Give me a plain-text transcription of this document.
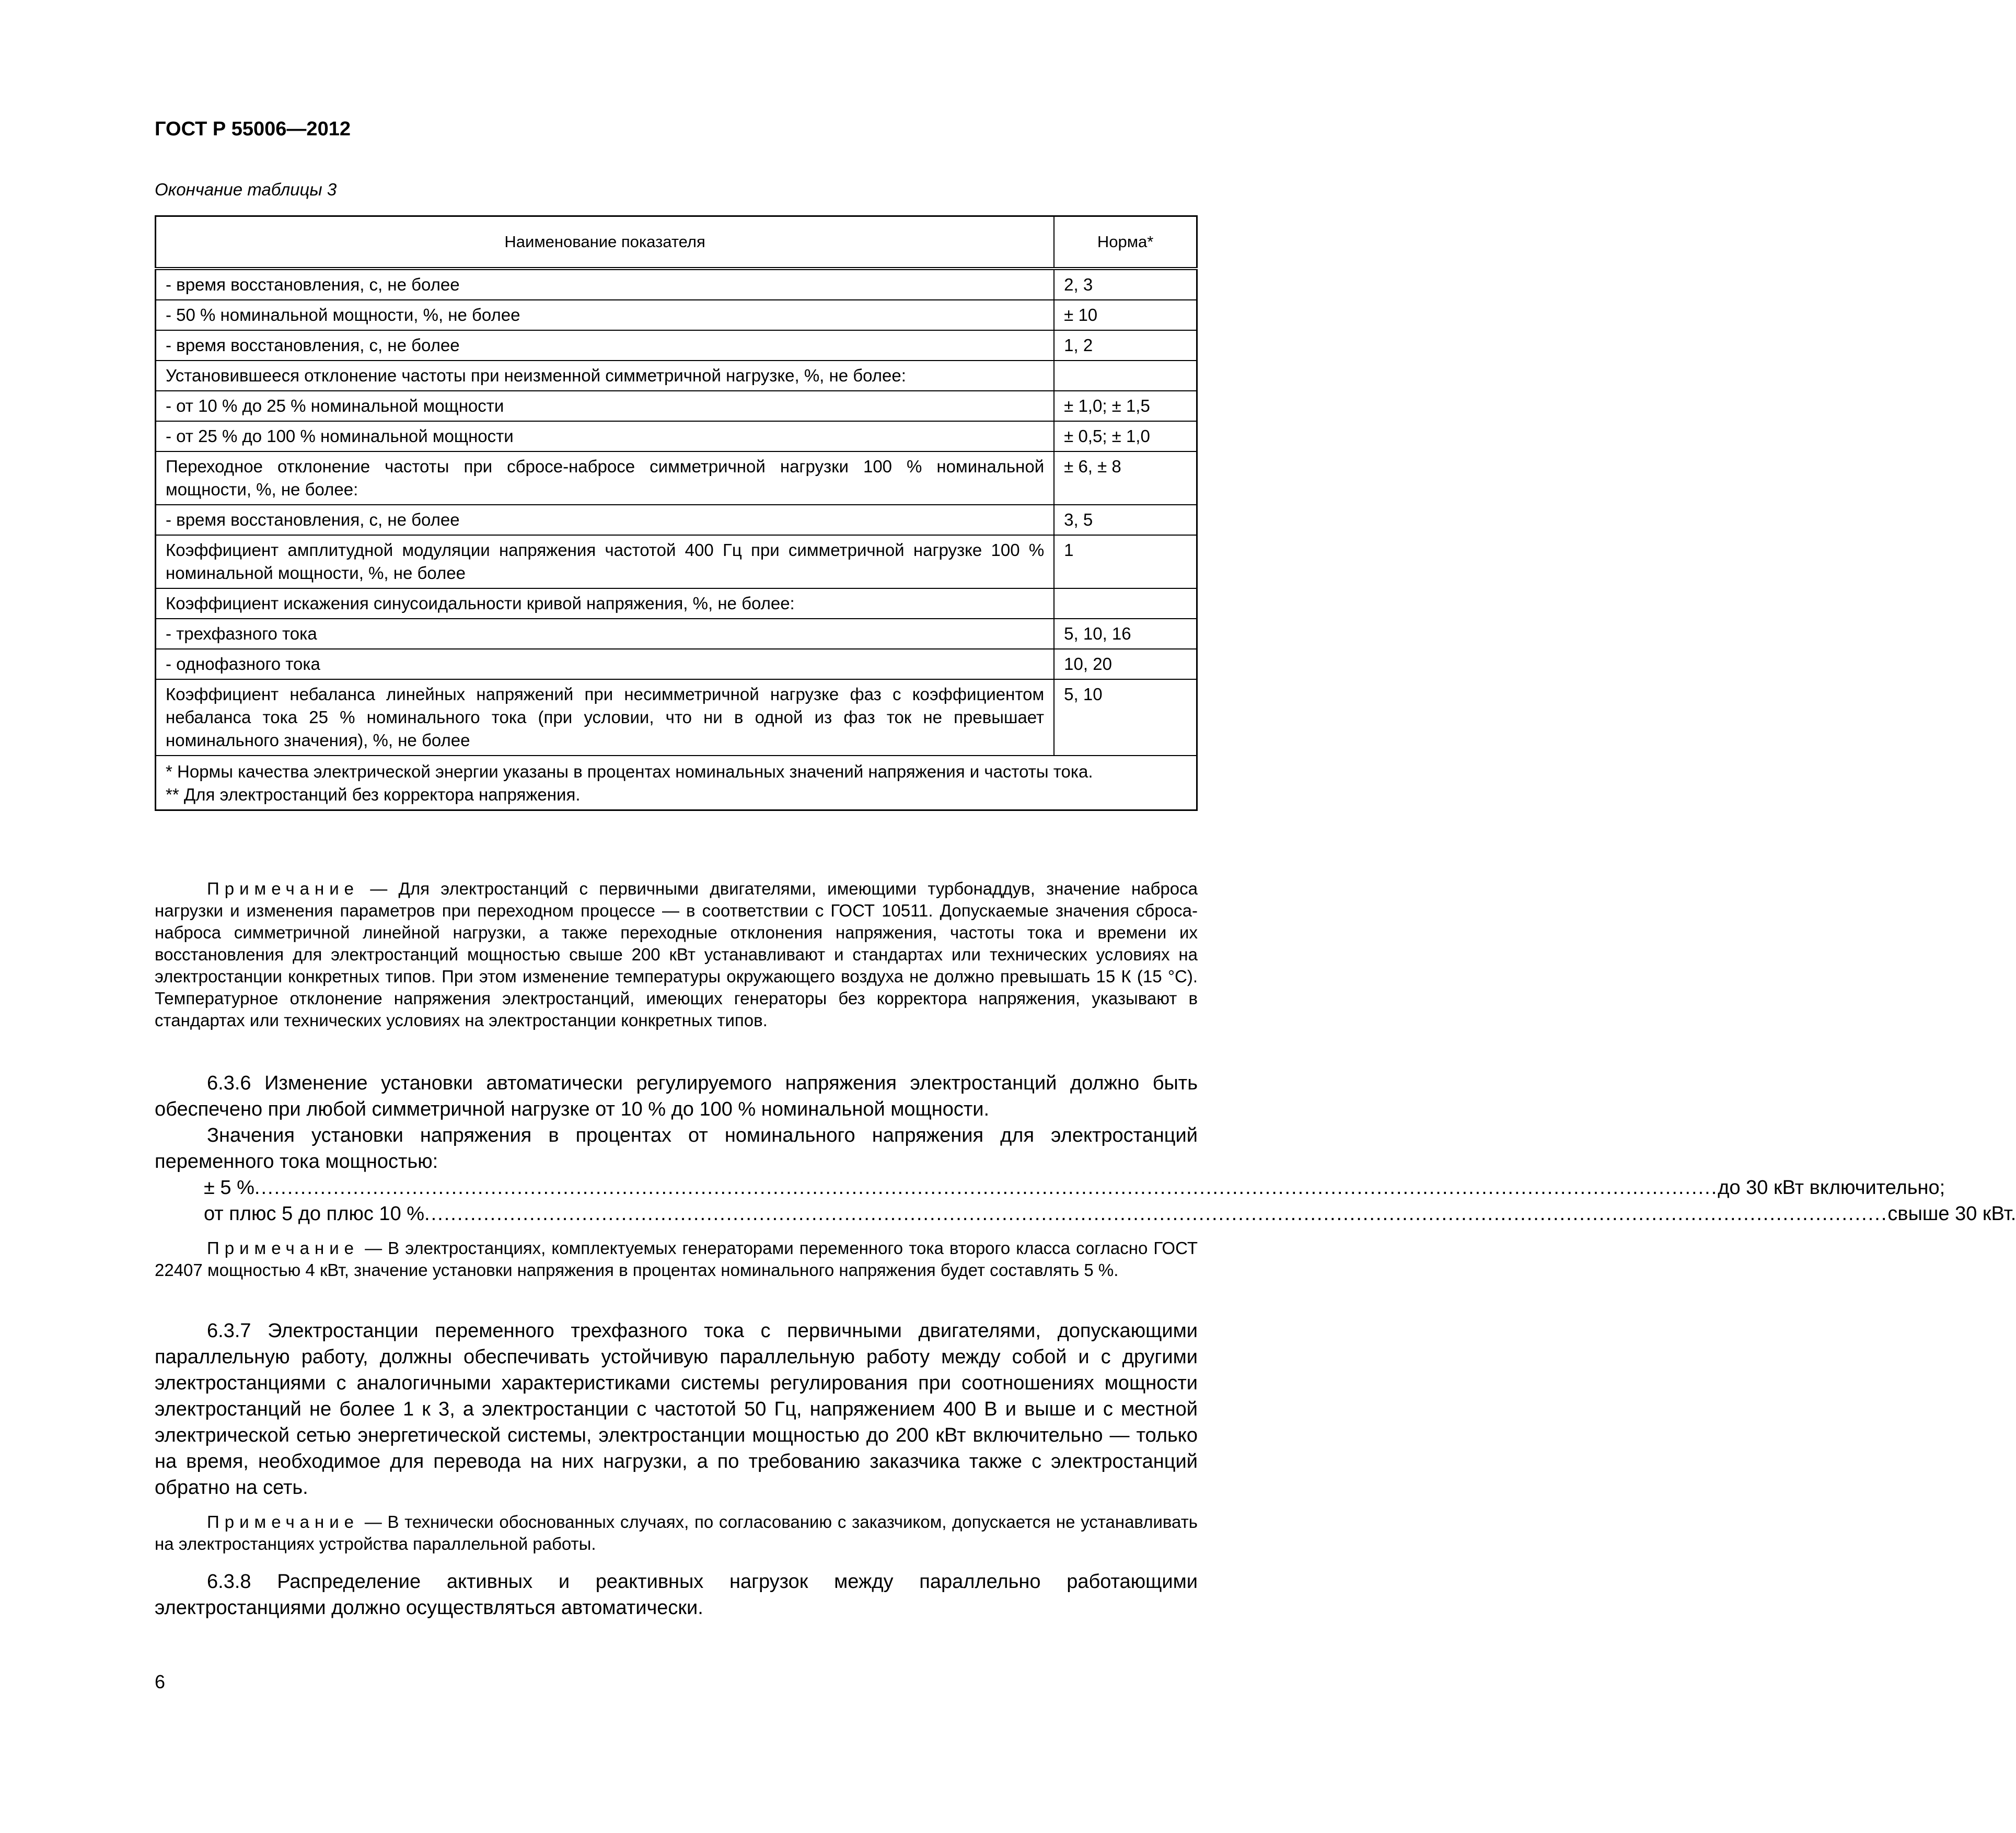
ГОСТ Р 55006—2012
Окончание таблицы 3
Наименование показателя	Норма*
- время восстановления, с, не более	2, 3
- 50 % номинальной мощности, %, не более	± 10
- время восстановления, с, не более	1, 2
Установившееся отклонение частоты при неизменной симметричной нагрузке, %, не более:	
- от 10 % до 25 % номинальной мощности	± 1,0; ± 1,5
- от 25 % до 100 % номинальной мощности	± 0,5; ± 1,0
Переходное отклонение частоты при сбросе-набросе симметричной нагрузки 100 % номинальной мощности, %, не более:	± 6, ± 8
- время восстановления, с, не более	3, 5
Коэффициент амплитудной модуляции напряжения частотой 400 Гц при симметричной нагрузке 100 % номинальной мощности, %, не более	1
Коэффициент искажения синусоидальности кривой напряжения, %, не более:	
- трехфазного тока	5, 10, 16
- однофазного тока	10, 20
Коэффициент небаланса линейных напряжений при несимметричной нагрузке фаз с коэффициентом небаланса тока 25 % номинального тока (при условии, что ни в одной из фаз ток не превышает номинального значения), %, не более	5, 10

* Нормы качества электрической энергии указаны в процентах номинальных значений напряжения и частоты тока.
** Для электростанций без корректора напряжения.	
Примечание — Для электростанций с первичными двигателями, имеющими турбонаддув, значение наброса нагрузки и изменения параметров при переходном процессе — в соответствии с ГОСТ 10511. Допускаемые значения сброса-наброса симметричной линейной нагрузки, а также переходные отклонения напряжения, частоты тока и времени их восстановления для электростанций мощностью свыше 200 кВт устанавливают и стандартах или технических условиях на электростанции конкретных типов. При этом изменение температуры окружающего воздуха не должно превышать 15 К (15 °С). Температурное отклонение напряжения электростанций, имеющих генераторы без корректора напряжения, указывают в стандартах или технических условиях на электростанции конкретных типов.
6.3.6 Изменение установки автоматически регулируемого напряжения электростанций должно быть обеспечено при любой симметричной нагрузке от 10 % до 100 % номинальной мощности.
Значения установки напряжения в процентах от номинального напряжения для электростанций переменного тока мощностью:
± 5 % ............................................................................................................................................................................................................................... до 30 кВт включительно;
от плюс 5 до плюс 10 % ............................................................................................................................................................................................................................... свыше 30 кВт.
Примечание — В электростанциях, комплектуемых генераторами переменного тока второго класса согласно ГОСТ 22407 мощностью 4 кВт, значение установки напряжения в процентах номинального напряжения будет составлять 5 %.
6.3.7 Электростанции переменного трехфазного тока с первичными двигателями, допускающими параллельную работу, должны обеспечивать устойчивую параллельную работу между собой и с другими электростанциями с аналогичными характеристиками системы регулирования при соотношениях мощности электростанций не более 1 к 3, а электростанции с частотой 50 Гц, напряжением 400 В и выше и с местной электрической сетью энергетической системы, электростанции мощностью до 200 кВт включительно — только на время, необходимое для перевода на них нагрузки, а по требованию заказчика также с электростанций обратно на сеть.
Примечание — В технически обоснованных случаях, по согласованию с заказчиком, допускается не устанавливать на электростанциях устройства параллельной работы.
6.3.8 Распределение активных и реактивных нагрузок между параллельно работающими электростанциями должно осуществляться автоматически.
6
